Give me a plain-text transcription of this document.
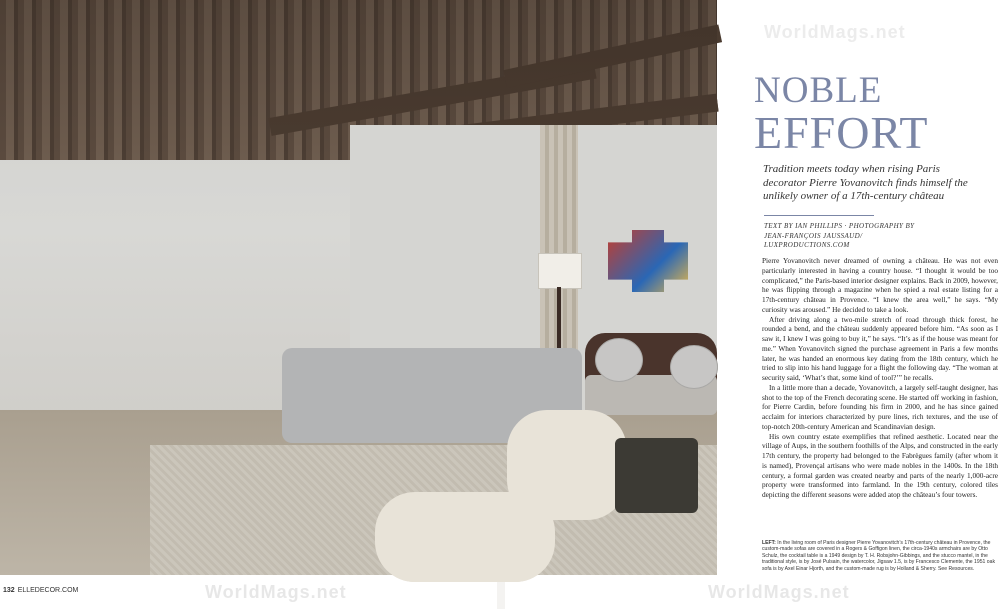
WorldMags.net
WorldMags.net
NOBLE
EFFORT
Tradition meets today when rising Paris decorator Pierre Yovanovitch finds himself the unlikely owner of a 17th-century château
TEXT BY IAN PHILLIPS · PHOTOGRAPHY BY
JEAN-FRANÇOIS JAUSSAUD/
LUXPRODUCTIONS.COM

Pierre Yovanovitch never dreamed of owning a château. He was not even particularly interested in having a country house. “I thought it would be too complicated,” the Paris-based interior designer explains. Back in 2009, however, he was flipping through a magazine when he spied a real estate listing for a 17th-century château in Provence. “I knew the area well,” he says. “My curiosity was aroused.” He decided to take a look.

After driving along a two-mile stretch of road through thick forest, he rounded a bend, and the château suddenly appeared before him. “As soon as I saw it, I knew I was going to buy it,” he says. “It’s as if the house was meant for me.” When Yovanovitch signed the purchase agreement in Paris a few months later, he was handed an enormous key dating from the 18th century, which he tried to slip into his hand luggage for a flight the following day. “The woman at security said, ‘What’s that, some kind of tool?’” he recalls.

In a little more than a decade, Yovanovitch, a largely self-taught designer, has shot to the top of the French decorating scene. He started off working in fashion, for Pierre Cardin, before founding his firm in 2000, and he has since gained acclaim for interiors characterized by pure lines, rich textures, and the use of top-notch 20th-century American and Scandinavian design.

His own country estate exemplifies that refined aesthetic. Located near the village of Aups, in the southern foothills of the Alps, and constructed in the early 17th century, the property had belonged to the Fabrègues family (after whom it is named), Provençal artisans who were made nobles in the 1400s. In the 18th century, a formal garden was created nearby and parts of the nearly 1,000-acre property were transformed into farmland. In the 19th century, colored tiles depicting the different seasons were added atop the château’s four towers.

LEFT: In the living room of Paris designer Pierre Yovanovitch’s 17th-century château in Provence, the custom-made sofas are covered in a Rogers & Goffigon linen, the circa-1940s armchairs are by Otto Schulz, the cocktail table is a 1949 design by T. H. Robsjohn-Gibbings, and the stucco mantel, in the traditional style, is by José Pulsain, the watercolor, Jigsaw 1.5, is by Francesco Clemente, the 1951 oak sofa is by Axel Einar Hjorth, and the custom-made rug is by Holland & Sherry. See Resources.
WorldMags.net
132 ELLEDECOR.COM
